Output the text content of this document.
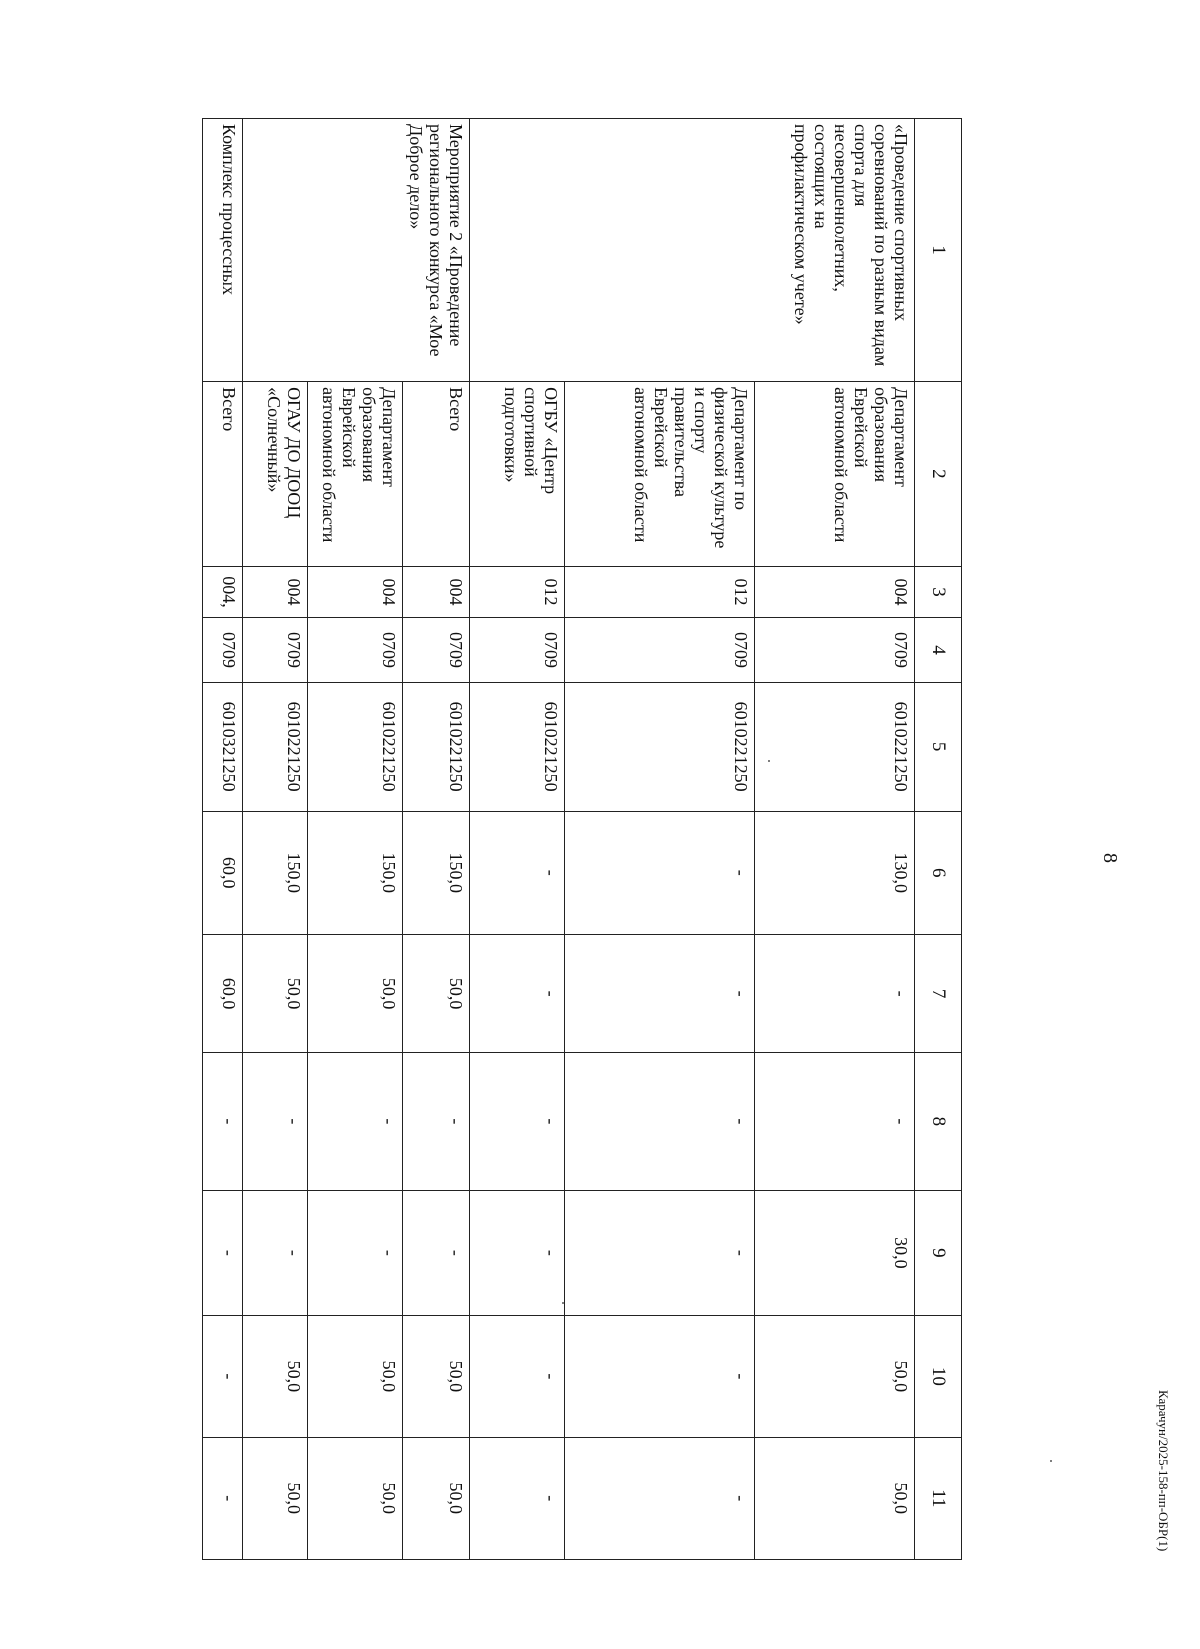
8
Карачун/2025-158-пп-ОБР(1)
1	2	3	4	5	6	7	8	9	10	11
«Проведение спортивных соревнований по разным видам спорта для несовершеннолетних, состоящих на профилактическом учете»	Департамент образования Еврейской автономной области	004	0709	6010221250	130,0	-	-	30,0	50,0	50,0
	Департамент по физической культуре и спорту правительства Еврейской автономной области	012	0709	6010221250	-	-	-	-	-	-
	ОГБУ «Центр спортивной подготовки»	012	0709	6010221250	-	-	-	-	-	-
Мероприятие 2 «Проведение регионального конкурса «Мое Доброе дело»	Всего	004	0709	6010221250	150,0	50,0	-	-	50,0	50,0
	Департамент образования Еврейской автономной области	004	0709	6010221250	150,0	50,0	-	-	50,0	50,0
	ОГАУ ДО ДООЦ «Солнечный»	004	0709	6010221250	150,0	50,0	-	-	50,0	50,0
Комплекс процессных	Всего	004,	0709	6010321250	60,0	60,0	-	-	-	-
